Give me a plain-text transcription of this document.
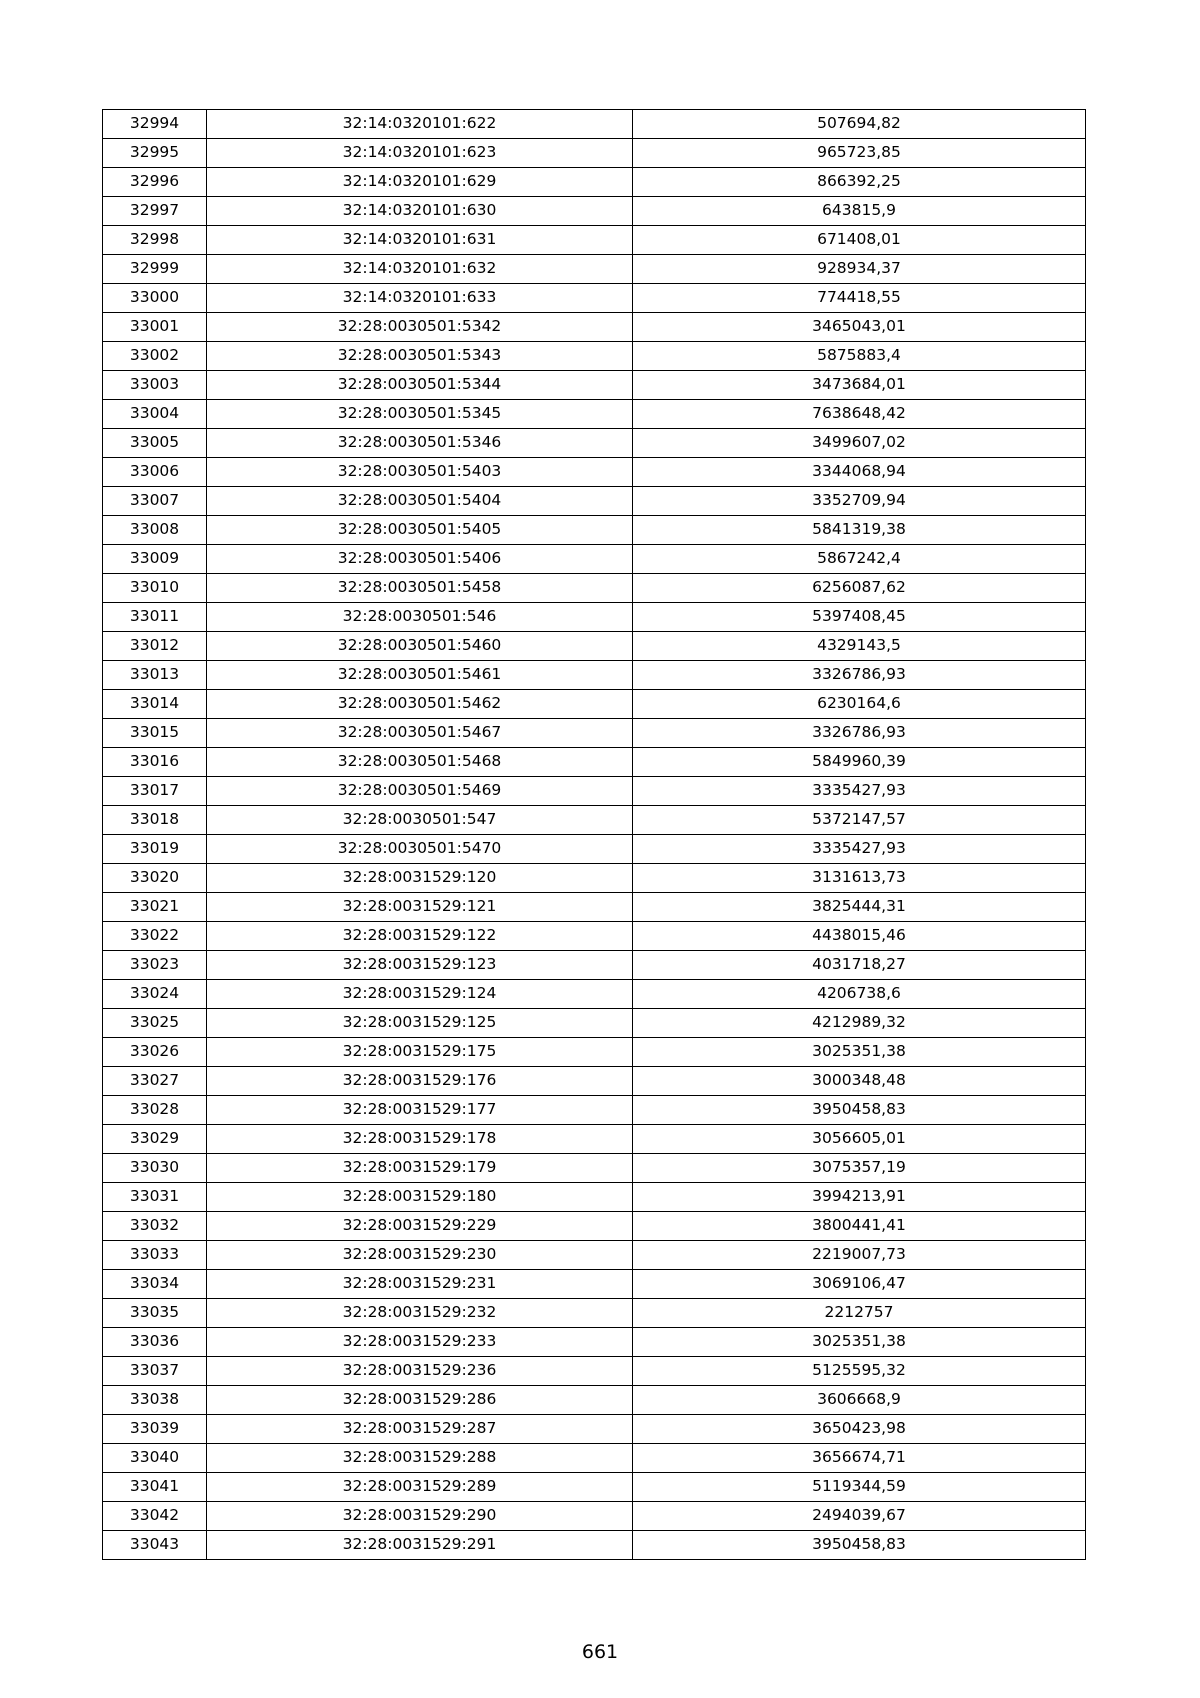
32994	32:14:0320101:622	507694,82
32995	32:14:0320101:623	965723,85
32996	32:14:0320101:629	866392,25
32997	32:14:0320101:630	643815,9
32998	32:14:0320101:631	671408,01
32999	32:14:0320101:632	928934,37
33000	32:14:0320101:633	774418,55
33001	32:28:0030501:5342	3465043,01
33002	32:28:0030501:5343	5875883,4
33003	32:28:0030501:5344	3473684,01
33004	32:28:0030501:5345	7638648,42
33005	32:28:0030501:5346	3499607,02
33006	32:28:0030501:5403	3344068,94
33007	32:28:0030501:5404	3352709,94
33008	32:28:0030501:5405	5841319,38
33009	32:28:0030501:5406	5867242,4
33010	32:28:0030501:5458	6256087,62
33011	32:28:0030501:546	5397408,45
33012	32:28:0030501:5460	4329143,5
33013	32:28:0030501:5461	3326786,93
33014	32:28:0030501:5462	6230164,6
33015	32:28:0030501:5467	3326786,93
33016	32:28:0030501:5468	5849960,39
33017	32:28:0030501:5469	3335427,93
33018	32:28:0030501:547	5372147,57
33019	32:28:0030501:5470	3335427,93
33020	32:28:0031529:120	3131613,73
33021	32:28:0031529:121	3825444,31
33022	32:28:0031529:122	4438015,46
33023	32:28:0031529:123	4031718,27
33024	32:28:0031529:124	4206738,6
33025	32:28:0031529:125	4212989,32
33026	32:28:0031529:175	3025351,38
33027	32:28:0031529:176	3000348,48
33028	32:28:0031529:177	3950458,83
33029	32:28:0031529:178	3056605,01
33030	32:28:0031529:179	3075357,19
33031	32:28:0031529:180	3994213,91
33032	32:28:0031529:229	3800441,41
33033	32:28:0031529:230	2219007,73
33034	32:28:0031529:231	3069106,47
33035	32:28:0031529:232	2212757
33036	32:28:0031529:233	3025351,38
33037	32:28:0031529:236	5125595,32
33038	32:28:0031529:286	3606668,9
33039	32:28:0031529:287	3650423,98
33040	32:28:0031529:288	3656674,71
33041	32:28:0031529:289	5119344,59
33042	32:28:0031529:290	2494039,67
33043	32:28:0031529:291	3950458,83
661
